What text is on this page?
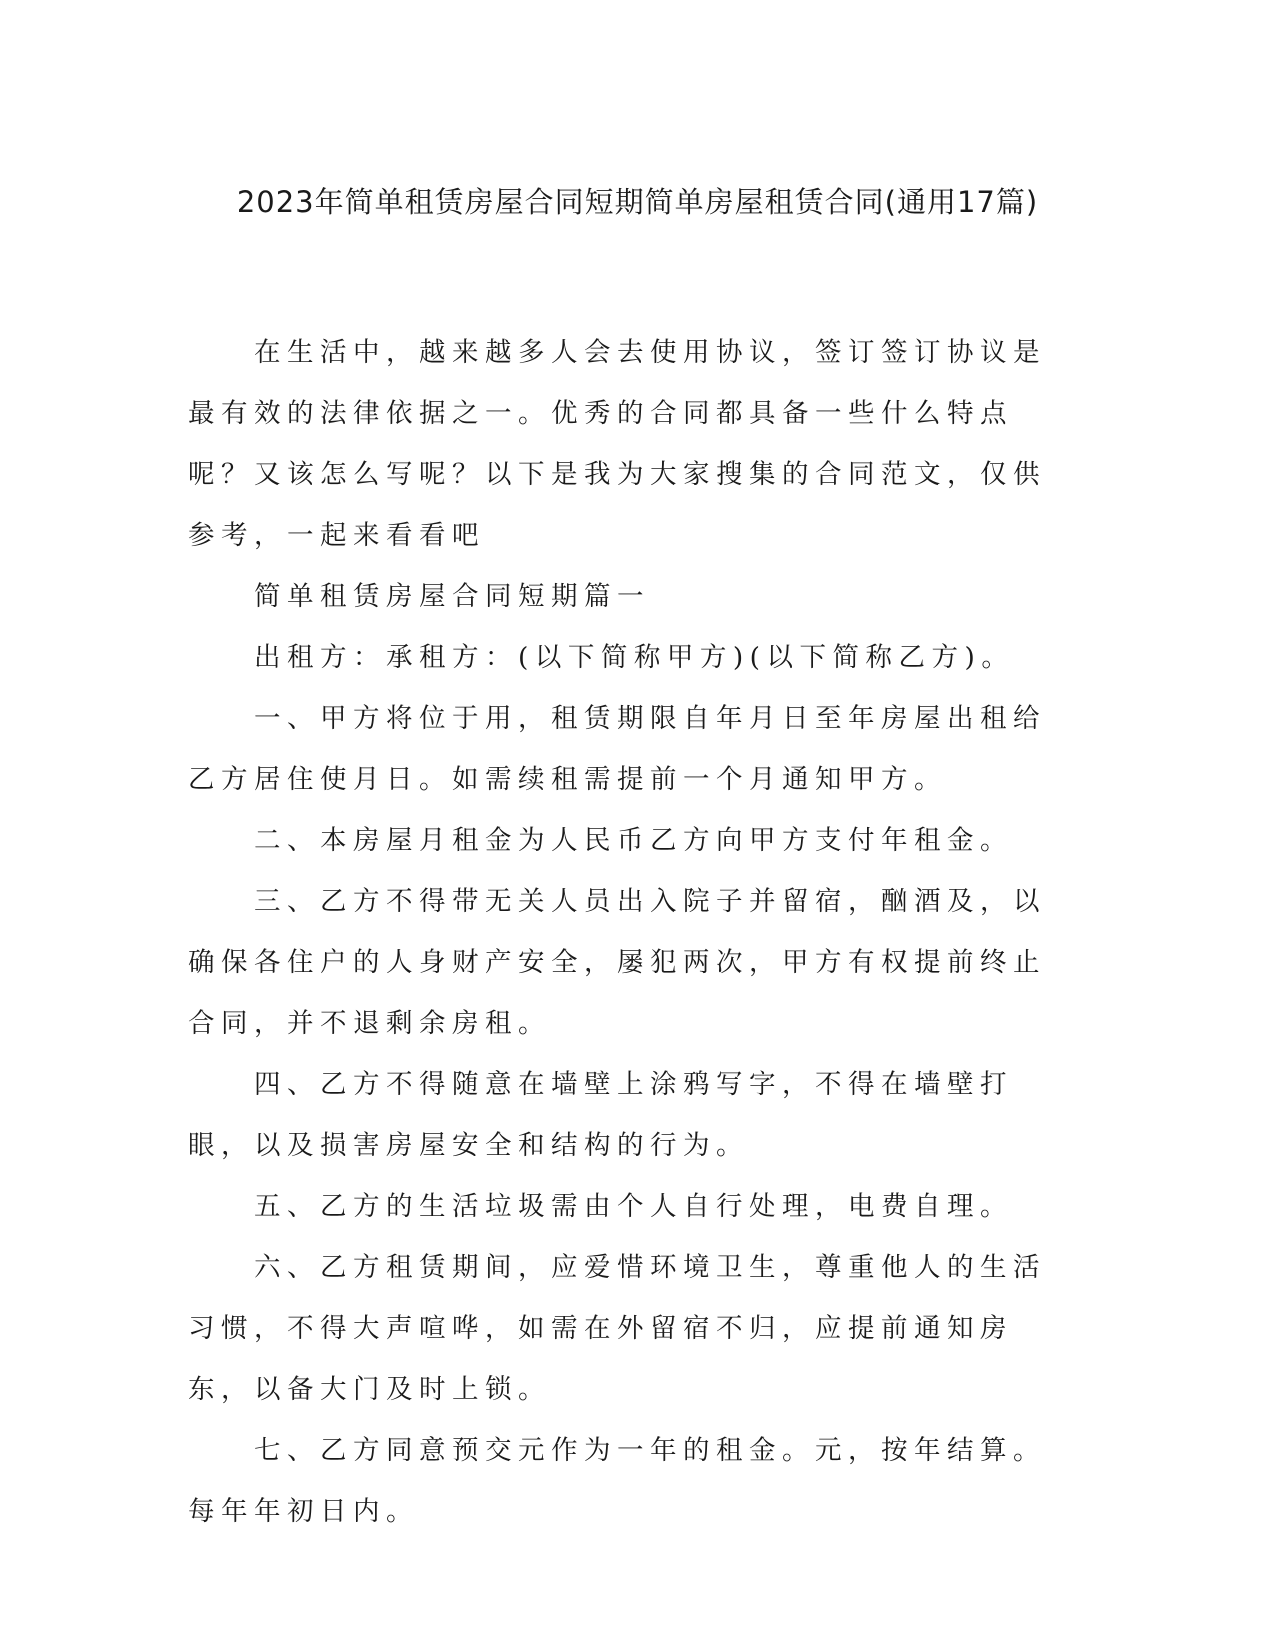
2023年简单租赁房屋合同短期简单房屋租赁合同(通用17篇)

在生活中，越来越多人会去使用协议，签订签订协议是最有效的法律依据之一。优秀的合同都具备一些什么特点呢？又该怎么写呢？以下是我为大家搜集的合同范文，仅供参考，一起来看看吧

简单租赁房屋合同短期篇一

出租方：承租方：(以下简称甲方)(以下简称乙方)。

一、甲方将位于用，租赁期限自年月日至年房屋出租给乙方居住使月日。如需续租需提前一个月通知甲方。

二、本房屋月租金为人民币乙方向甲方支付年租金。

三、乙方不得带无关人员出入院子并留宿，酗酒及，以确保各住户的人身财产安全，屡犯两次，甲方有权提前终止合同，并不退剩余房租。

四、乙方不得随意在墙壁上涂鸦写字，不得在墙壁打眼，以及损害房屋安全和结构的行为。

五、乙方的生活垃圾需由个人自行处理，电费自理。

六、乙方租赁期间，应爱惜环境卫生，尊重他人的生活习惯，不得大声喧哗，如需在外留宿不归，应提前通知房东，以备大门及时上锁。

七、乙方同意预交元作为一年的租金。元，按年结算。每年年初日内。
